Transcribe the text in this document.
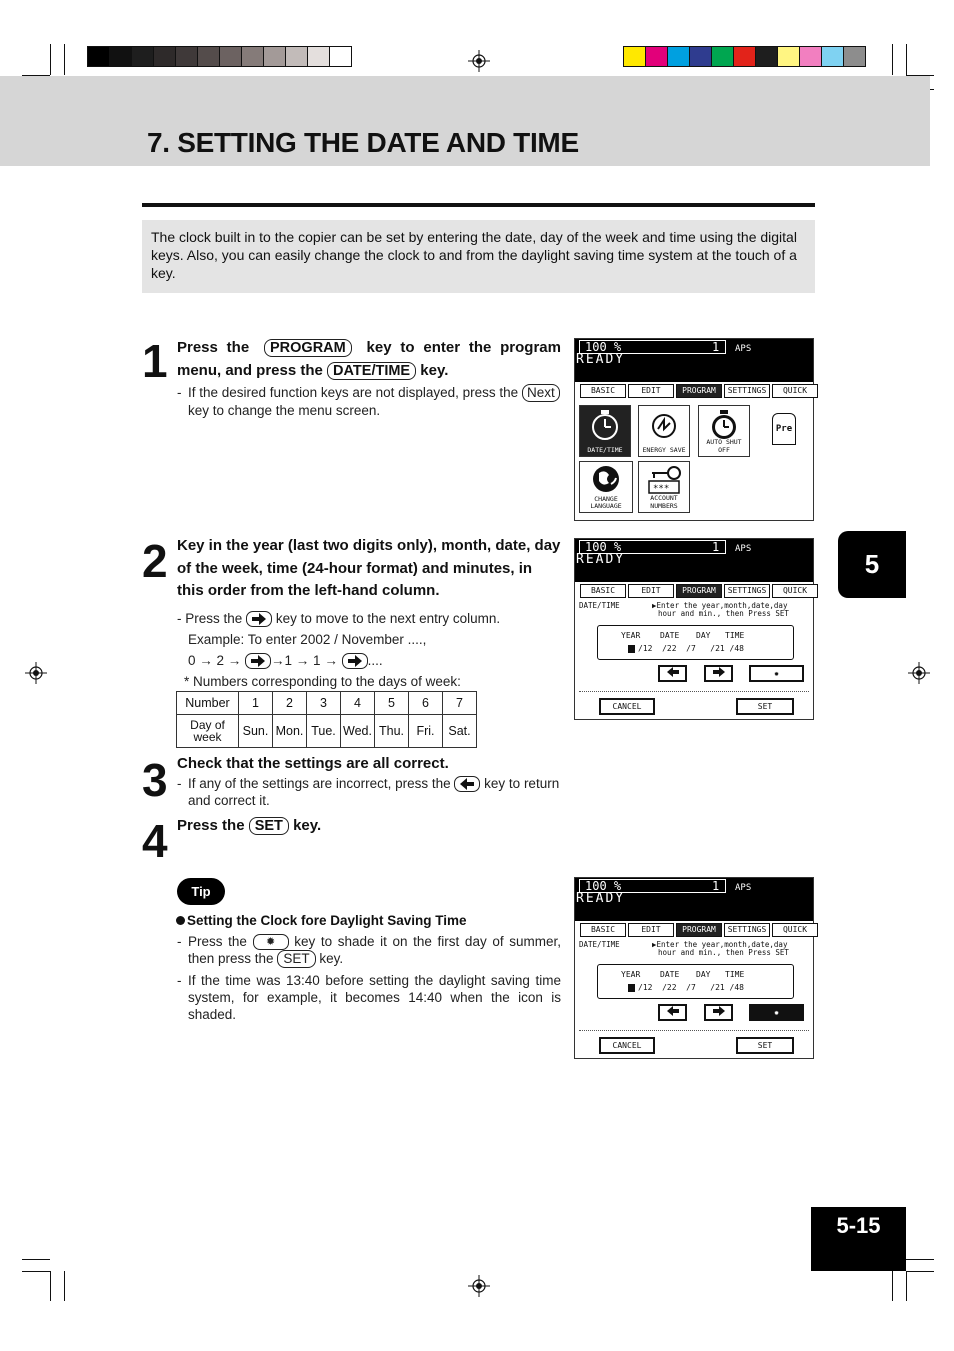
7. SETTING THE DATE AND TIME
The clock built in to the copier can be set by entering the date, day of the week and time using the digital keys. Also, you can easily change the clock to and from the daylight saving time system at the touch of a key.
1 Press the PROGRAM key to enter the program menu, and press the DATE/TIME key.
- If the desired function keys are not displayed, press the Next key to change the menu screen.
100 %	1 APS
READY
BASIC	EDIT	PROGRAM	SETTINGS	QUICK
DATE/TIME	ENERGY SAVE
AUTO SHUT OFF
Pre
CHANGE LANGUAGE
***
ACCOUNT NUMBERS
2 Key in the year (last two digits only), month, date, day of the week, time (24-hour format) and minutes, in this order from the left-hand column.
- Press the key to move to the next entry column.
Example: To enter 2002 / November ....,
0 → 2 → →1 → 1 → ....
* Numbers corresponding to the days of week:
Number	1	2	3	4	5	6	7
Day of week	Sun.	Mon.	Tue.	Wed.	Thu.	Fri.	Sat.
100 %	1 APS
READY
BASIC	EDIT	PROGRAM	SETTINGS	QUICK
DATE/TIME	▶Enter the year,month,date,day
hour and min., then Press SET
YEAR DATE DAY TIME
/12  /22  /7   /21 /48
✹
CANCEL	SET
3 Check that the settings are all correct.
- If any of the settings are incorrect, press the key to return and correct it.
4 Press the SET key.
Tip
Setting the Clock fore Daylight Saving Time
- Press the ✹ key to shade it on the first day of summer, then press the SET key.
- If the time was 13:40 before setting the daylight saving time system, for example, it becomes 14:40 when the icon is shaded.
100 %	1 APS
READY
BASIC	EDIT	PROGRAM	SETTINGS	QUICK
DATE/TIME	▶Enter the year,month,date,day
hour and min., then Press SET
YEAR DATE DAY TIME
/12  /22  /7   /21 /48
✹
CANCEL	SET
5
5-15
